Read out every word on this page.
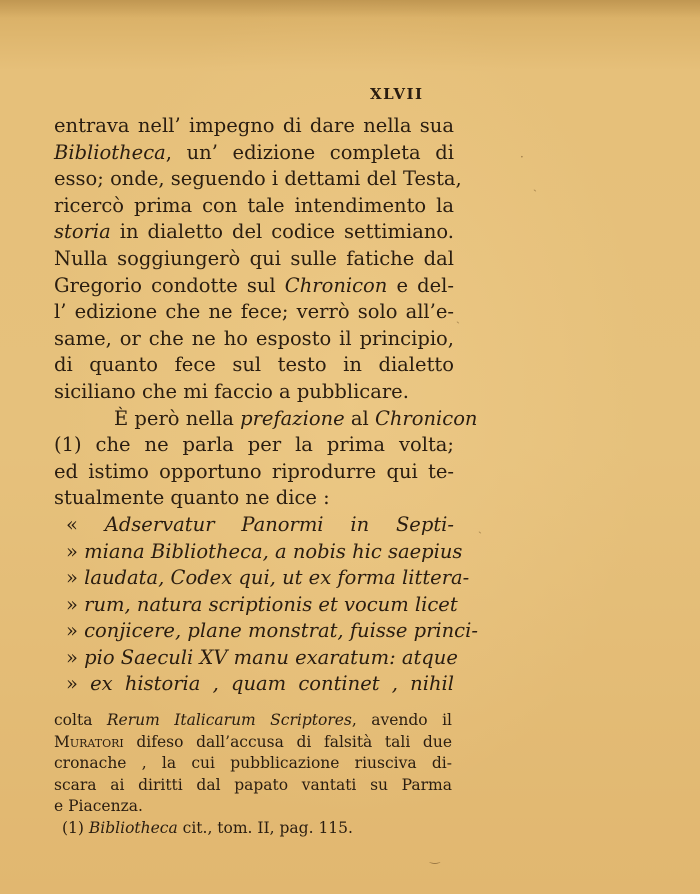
XLVII
entrava nell’ impegno di dare nella sua
Bibliotheca, un’ edizione completa di
esso; onde, seguendo i dettami del Testa,
ricercò prima con tale intendimento la
storia in dialetto del codice settimiano.
Nulla soggiungerò qui sulle fatiche dal
Gregorio condotte sul Chronicon e del-
l’ edizione che ne fece; verrò solo all’e-
same, or che ne ho esposto il principio,
di quanto fece sul testo in dialetto
siciliano che mi faccio a pubblicare.
È però nella prefazione al Chronicon
(1) che ne parla per la prima volta;
ed istimo opportuno riprodurre qui te-
stualmente quanto ne dice :
« Adservatur Panormi in Septi-
» miana Bibliotheca, a nobis hic saepius
» laudata, Codex qui, ut ex forma littera-
» rum, natura scriptionis et vocum licet
» conjicere, plane monstrat, fuisse princi-
» pio Saeculi XV manu exaratum: atque
» ex historia , quam continet , nihil
colta Rerum Italicarum Scriptores, avendo il
Muratori difeso dall’accusa di falsità tali due
cronache , la cui pubblicazione riusciva di-
scara ai diritti dal papato vantati su Parma
e Piacenza.
(1) Bibliotheca cit., tom. II, pag. 115.
·
ˏ
ˎ
ˏ
‿
